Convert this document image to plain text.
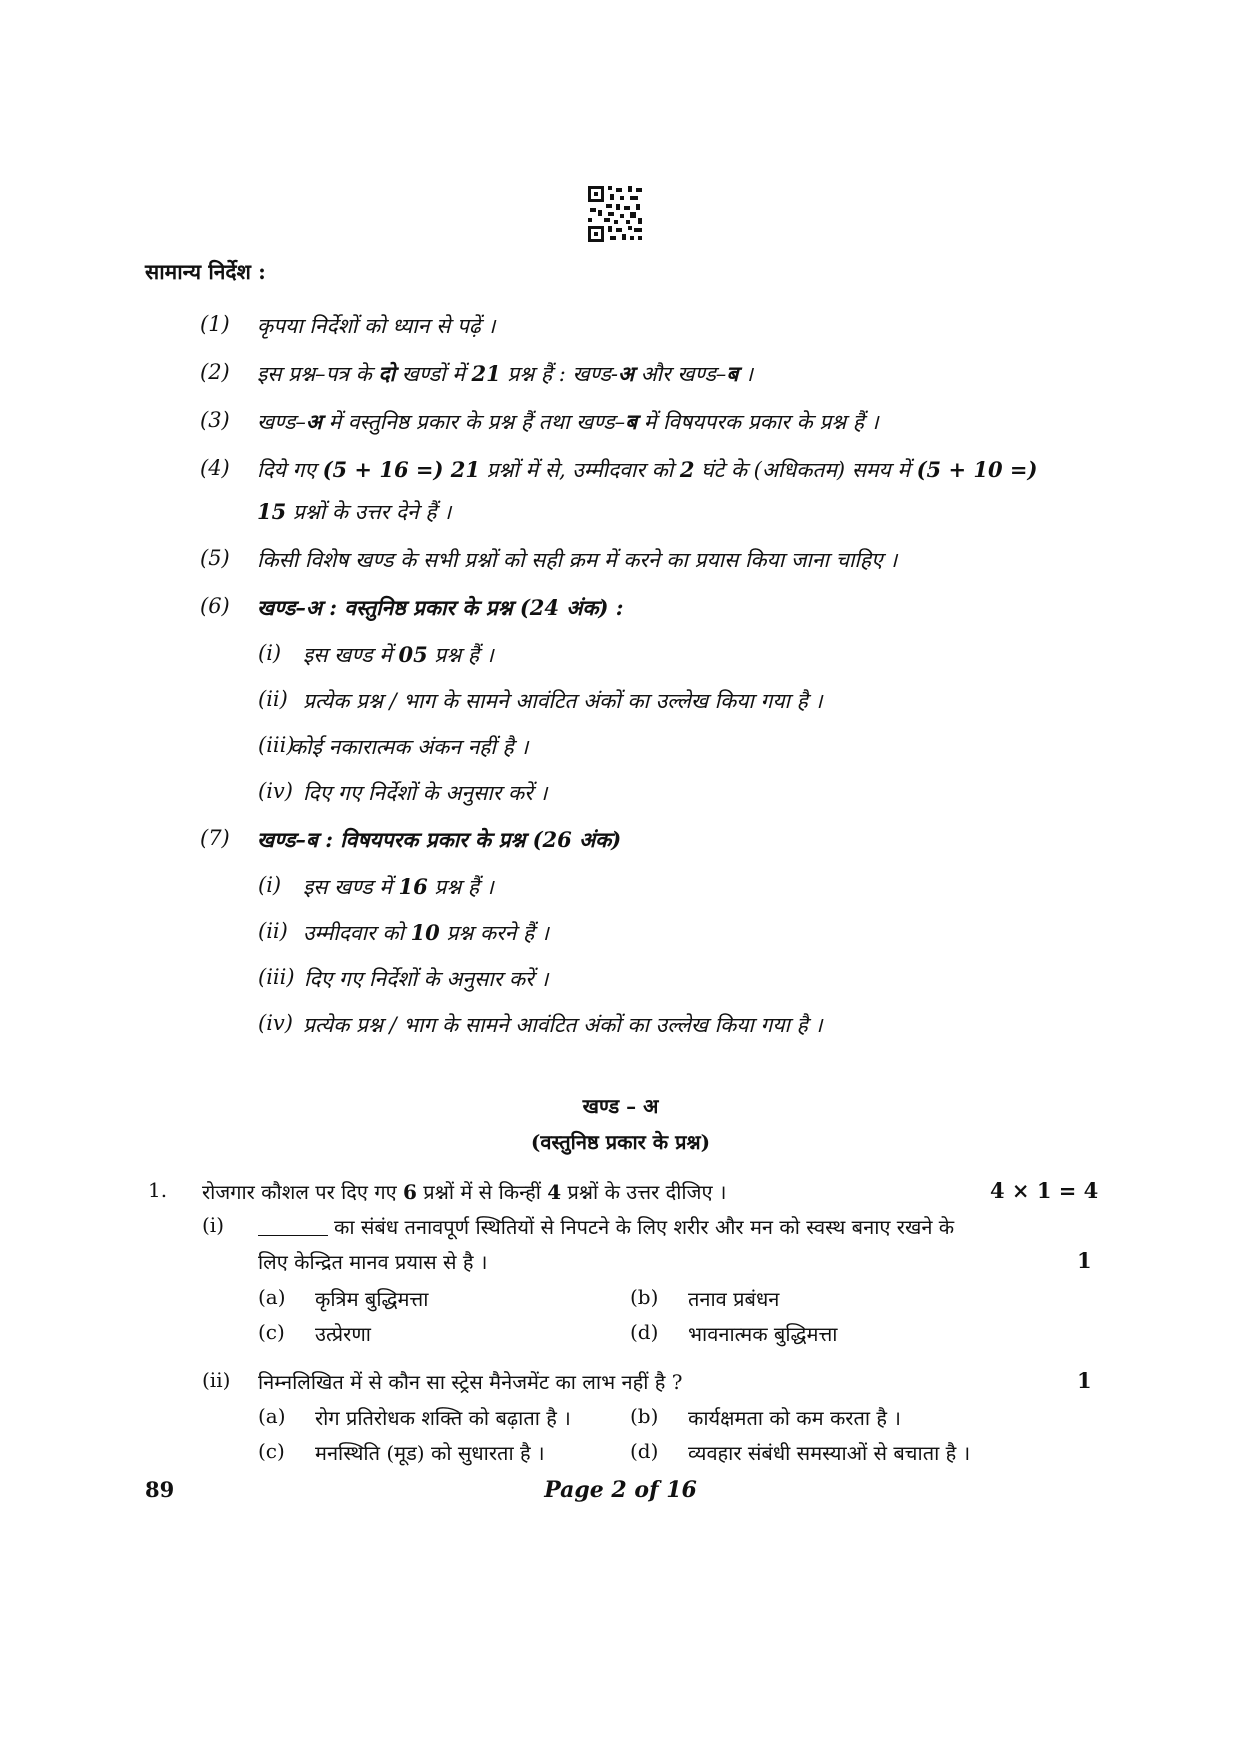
सामान्य निर्देश :
(1) कृपया निर्देशों को ध्यान से पढ़ें ।
(2) इस प्रश्न–पत्र के दो खण्डों में 21 प्रश्न हैं : खण्ड-अ और खण्ड–ब ।
(3) खण्ड–अ में वस्तुनिष्ठ प्रकार के प्रश्न हैं तथा खण्ड–ब में विषयपरक प्रकार के प्रश्न हैं ।
(4) दिये गए (5 + 16 =) 21 प्रश्नों में से, उम्मीदवार को 2 घंटे के (अधिकतम) समय में (5 + 10 =)
15 प्रश्नों के उत्तर देने हैं ।
(5) किसी विशेष खण्ड के सभी प्रश्नों को सही क्रम में करने का प्रयास किया जाना चाहिए ।
(6) खण्ड–अ : वस्तुनिष्ठ प्रकार के प्रश्न (24 अंक) :
(i) इस खण्ड में 05 प्रश्न हैं ।
(ii) प्रत्येक प्रश्न / भाग के सामने आवंटित अंकों का उल्लेख किया गया है ।
(iii)
कोई नकारात्मक अंकन नहीं है ।
(iv) दिए गए निर्देशों के अनुसार करें ।
(7) खण्ड–ब : विषयपरक प्रकार के प्रश्न (26 अंक)
(i) इस खण्ड में 16 प्रश्न हैं ।
(ii) उम्मीदवार को 10 प्रश्न करने हैं ।
(iii) दिए गए निर्देशों के अनुसार करें ।
(iv) प्रत्येक प्रश्न / भाग के सामने आवंटित अंकों का उल्लेख किया गया है ।
खण्ड – अ
(वस्तुनिष्ठ प्रकार के प्रश्न)
1. रोजगार कौशल पर दिए गए 6 प्रश्नों में से किन्हीं 4 प्रश्नों के उत्तर दीजिए ।	4 × 1 = 4
(i)	का संबंध तनावपूर्ण स्थितियों से निपटने के लिए शरीर और मन को स्वस्थ बनाए रखने के
लिए केन्द्रित मानव प्रयास से है ।	1
(a) कृत्रिम बुद्धिमत्ता	(b) तनाव प्रबंधन
(c) उत्प्रेरणा	(d) भावनात्मक बुद्धिमत्ता
(ii) निम्नलिखित में से कौन सा स्ट्रेस मैनेजमेंट का लाभ नहीं है ?	1
(a) रोग प्रतिरोधक शक्ति को बढ़ाता है ।	(b) कार्यक्षमता को कम करता है ।
(c) मनस्थिति (मूड) को सुधारता है ।	(d) व्यवहार संबंधी समस्याओं से बचाता है ।
89	Page 2 of 16
